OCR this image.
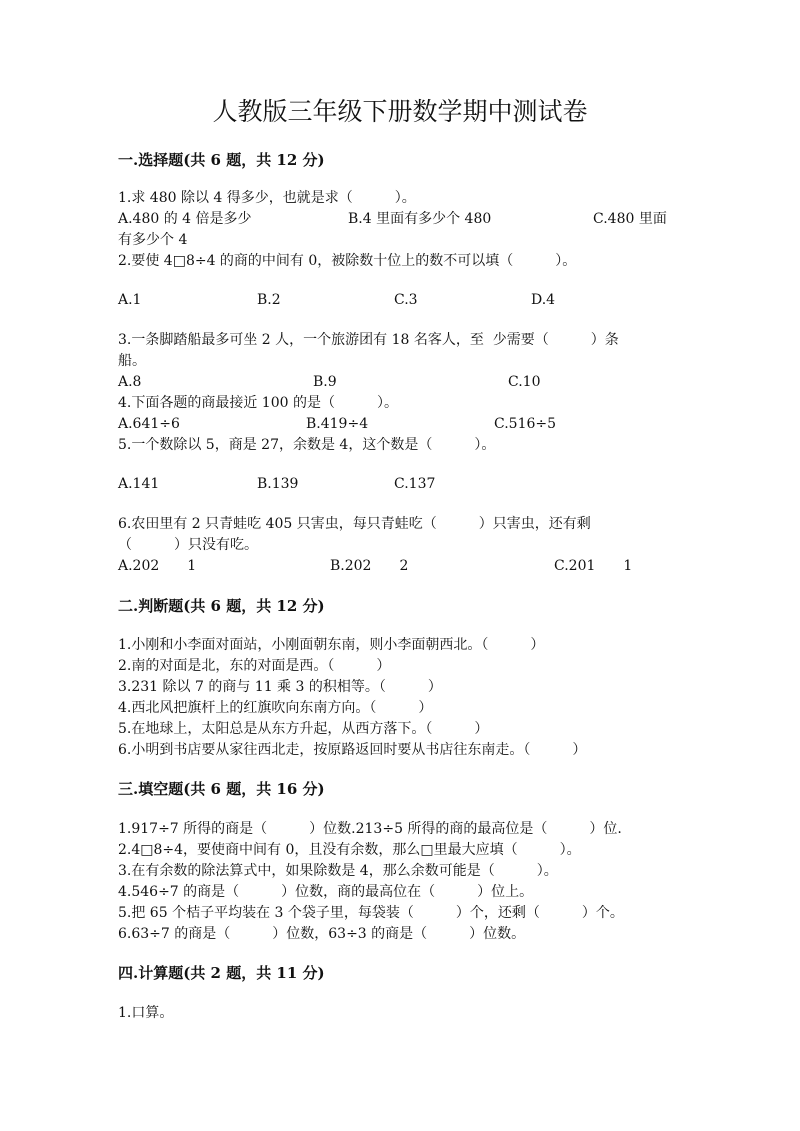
人教版三年级下册数学期中测试卷
一.选择题(共 6 题，共 12 分)
1.求 480 除以 4 得多少，也就是求（　　　）。
A.480 的 4 倍是多少	B.4 里面有多少个 480	C.480 里面
有多少个 4
2.要使 4□8÷4 的商的中间有 0，被除数十位上的数不可以填（　　　）。
A.1	B.2	C.3	D.4
3.一条脚踏船最多可坐 2 人，一个旅游团有 18 名客人，至  少需要（　　　）条
船。
A.8	B.9	C.10
4.下面各题的商最接近 100 的是（　　　）。
A.641÷6	B.419÷4	C.516÷5
5.一个数除以 5，商是 27，余数是 4，这个数是（　　　）。
A.141	B.139	C.137
6.农田里有 2 只青蛙吃 405 只害虫，每只青蛙吃（　　　）只害虫，还有剩
（　　　）只没有吃。
A.202　　1	B.202　　2	C.201　　1
二.判断题(共 6 题，共 12 分)
1.小刚和小李面对面站，小刚面朝东南，则小李面朝西北。（　　　）
2.南的对面是北，东的对面是西。（　　　）
3.231 除以 7 的商与 11 乘 3 的积相等。（　　　）
4.西北风把旗杆上的红旗吹向东南方向。（　　　）
5.在地球上，太阳总是从东方升起，从西方落下。（　　　）
6.小明到书店要从家往西北走，按原路返回时要从书店往东南走。（　　　）
三.填空题(共 6 题，共 16 分)
1.917÷7 所得的商是（　　　）位数.213÷5 所得的商的最高位是（　　　）位.
2.4□8÷4，要使商中间有 0，且没有余数，那么□里最大应填（　　　）。
3.在有余数的除法算式中，如果除数是 4，那么余数可能是（　　　）。
4.546÷7 的商是（　　　）位数，商的最高位在（　　　）位上。
5.把 65 个桔子平均装在 3 个袋子里，每袋装（　　　）个，还剩（　　　）个。
6.63÷7 的商是（　　　）位数，63÷3 的商是（　　　）位数。
四.计算题(共 2 题，共 11 分)
1.口算。
